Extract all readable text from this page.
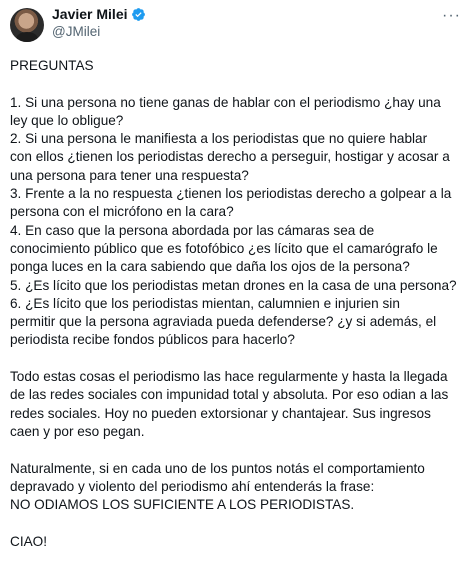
Javier Milei
@JMilei
···

PREGUNTAS

1. Si una persona no tiene ganas de hablar con el periodismo ¿hay una
ley que lo obligue?

2. Si una persona le manifiesta a los periodistas que no quiere hablar
con ellos ¿tienen los periodistas derecho a perseguir, hostigar y acosar a
una persona para tener una respuesta?

3. Frente a la no respuesta ¿tienen los periodistas derecho a golpear a la
persona con el micrófono en la cara?

4. En caso que la persona abordada por las cámaras sea de
conocimiento público que es fotofóbico ¿es lícito que el camarógrafo le
ponga luces en la cara sabiendo que daña los ojos de la persona?

5. ¿Es lícito que los periodistas metan drones en la casa de una persona?

6. ¿Es lícito que los periodistas mientan, calumnien e injurien sin
permitir que la persona agraviada pueda defenderse? ¿y si además, el
periodista recibe fondos públicos para hacerlo?

Todo estas cosas el periodismo las hace regularmente y hasta la llegada
de las redes sociales con impunidad total y absoluta. Por eso odian a las
redes sociales. Hoy no pueden extorsionar y chantajear. Sus ingresos
caen y por eso pegan.

Naturalmente, si en cada uno de los puntos notás el comportamiento
depravado y violento del periodismo ahí entenderás la frase:

NO ODIAMOS LOS SUFICIENTE A LOS PERIODISTAS.

CIAO!
